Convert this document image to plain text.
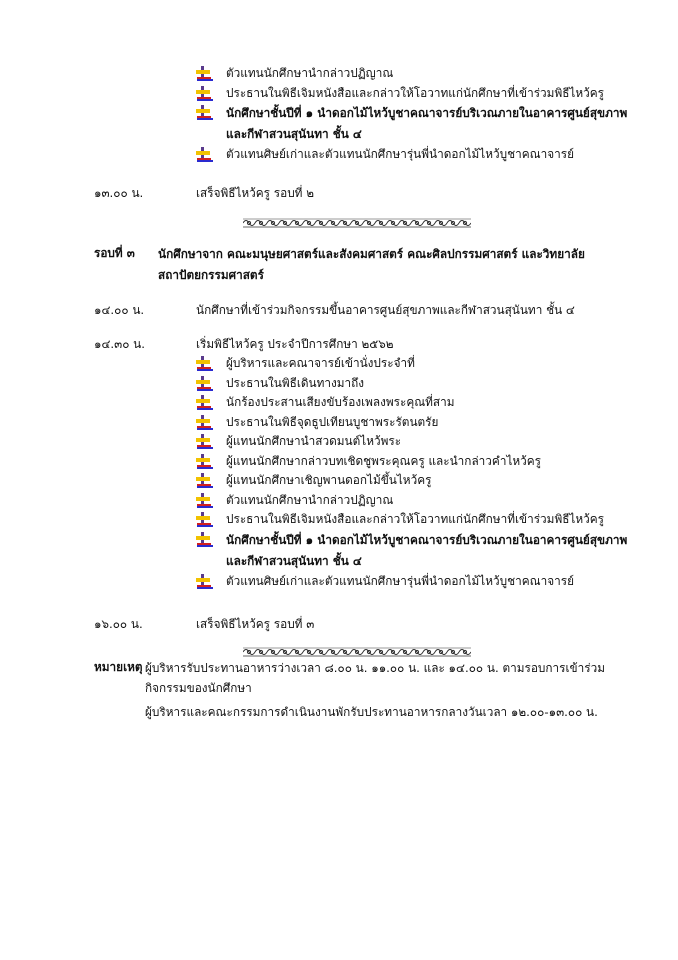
ตัวแทนนักศึกษานำกล่าวปฏิญาณ
ประธานในพิธีเจิมหนังสือและกล่าวให้โอวาทแก่นักศึกษาที่เข้าร่วมพิธีไหว้ครู
นักศึกษาชั้นปีที่ ๑ นำดอกไม้ไหว้บูชาคณาจารย์บริเวณภายในอาคารศูนย์สุขภาพและกีฬาสวนสุนันทา ชั้น ๔
ตัวแทนศิษย์เก่าและตัวแทนนักศึกษารุ่นพี่นำดอกไม้ไหว้บูชาคณาจารย์
๑๓.๐๐ น.	เสร็จพิธีไหว้ครู รอบที่ ๒
รอบที่ ๓ นักศึกษาจาก คณะมนุษยศาสตร์และสังคมศาสตร์ คณะศิลปกรรมศาสตร์ และวิทยาลัยสถาปัตยกรรมศาสตร์
๑๔.๐๐ น.	นักศึกษาที่เข้าร่วมกิจกรรมขึ้นอาคารศูนย์สุขภาพและกีฬาสวนสุนันทา ชั้น ๔
๑๔.๓๐ น.	เริ่มพิธีไหว้ครู ประจำปีการศึกษา ๒๕๖๒
ผู้บริหารและคณาจารย์เข้านั่งประจำที่
ประธานในพิธีเดินทางมาถึง
นักร้องประสานเสียงขับร้องเพลงพระคุณที่สาม
ประธานในพิธีจุดธูปเทียนบูชาพระรัตนตรัย
ผู้แทนนักศึกษานำสวดมนต์ไหว้พระ
ผู้แทนนักศึกษากล่าวบทเชิดชูพระคุณครู และนำกล่าวคำไหว้ครู
ผู้แทนนักศึกษาเชิญพานดอกไม้ขึ้นไหว้ครู
ตัวแทนนักศึกษานำกล่าวปฏิญาณ
ประธานในพิธีเจิมหนังสือและกล่าวให้โอวาทแก่นักศึกษาที่เข้าร่วมพิธีไหว้ครู
นักศึกษาชั้นปีที่ ๑ นำดอกไม้ไหว้บูชาคณาจารย์บริเวณภายในอาคารศูนย์สุขภาพและกีฬาสวนสุนันทา ชั้น ๔
ตัวแทนศิษย์เก่าและตัวแทนนักศึกษารุ่นพี่นำดอกไม้ไหว้บูชาคณาจารย์
๑๖.๐๐ น.	เสร็จพิธีไหว้ครู รอบที่ ๓
หมายเหตุ ผู้บริหารรับประทานอาหารว่างเวลา ๘.๐๐ น. ๑๑.๐๐ น. และ ๑๔.๐๐ น. ตามรอบการเข้าร่วมกิจกรรมของนักศึกษา
ผู้บริหารและคณะกรรมการดำเนินงานพักรับประทานอาหารกลางวันเวลา ๑๒.๐๐-๑๓.๐๐ น.
